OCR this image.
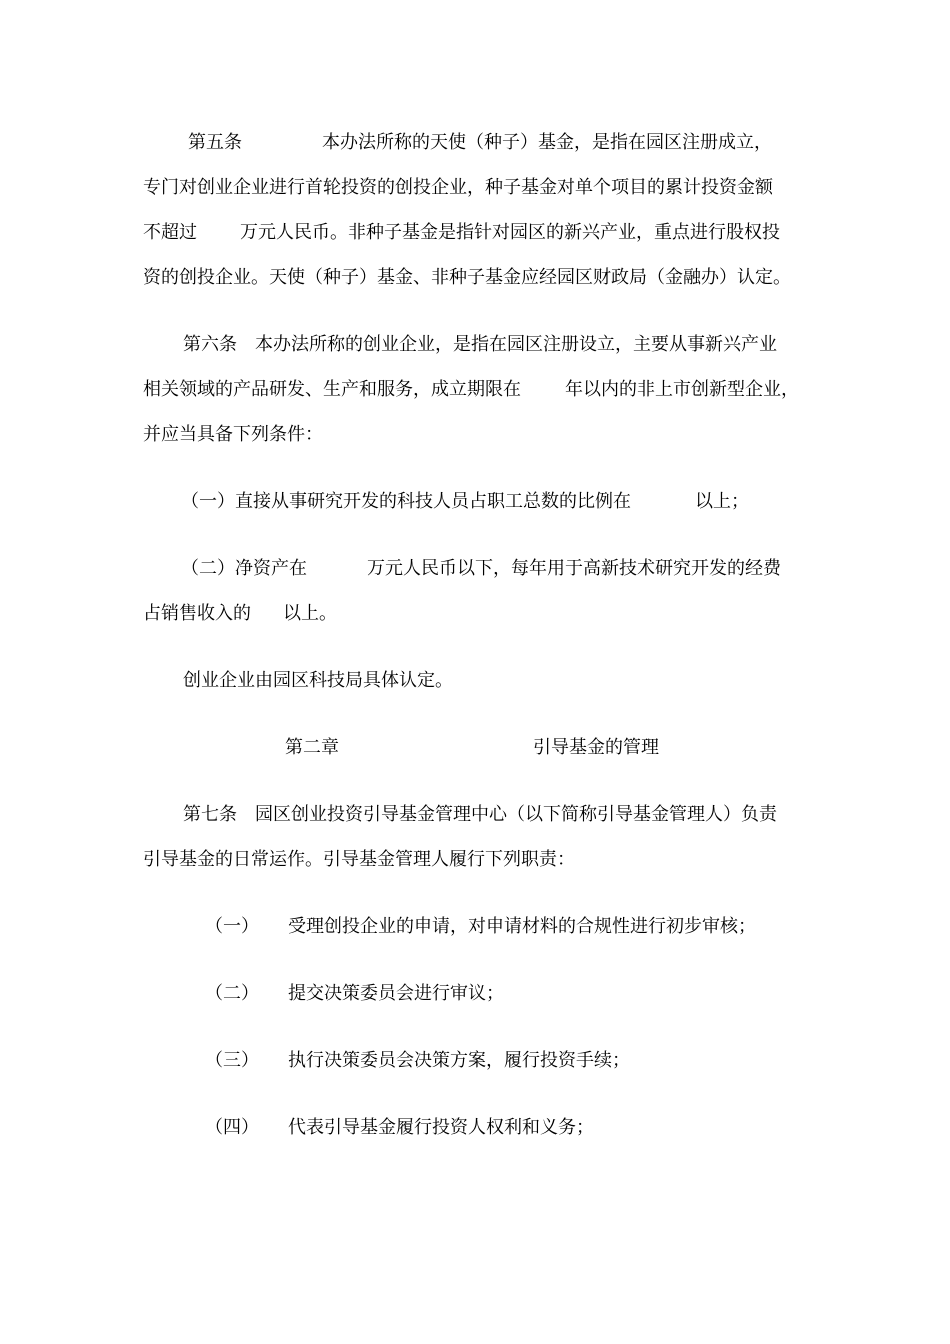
第五条	本办法所称的天使（种子）基金，是指在园区注册成立，
专门对创业企业进行首轮投资的创投企业，种子基金对单个项目的累计投资金额
不超过 万元人民币。非种子基金是指针对园区的新兴产业，重点进行股权投
资的创投企业。天使（种子）基金、非种子基金应经园区财政局（金融办）认定。
第六条　本办法所称的创业企业，是指在园区注册设立，主要从事新兴产业
相关领域的产品研发、生产和服务，成立期限在 年以内的非上市创新型企业，
并应当具备下列条件：
（一）直接从事研究开发的科技人员占职工总数的比例在	以上；
（二）净资产在	万元人民币以下，每年用于高新技术研究开发的经费
占销售收入的 以上。
创业企业由园区科技局具体认定。
第二章	引导基金的管理
第七条　园区创业投资引导基金管理中心（以下简称引导基金管理人）负责
引导基金的日常运作。引导基金管理人履行下列职责：
（一） 受理创投企业的申请，对申请材料的合规性进行初步审核；
（二） 提交决策委员会进行审议；
（三） 执行决策委员会决策方案，履行投资手续；
（四） 代表引导基金履行投资人权利和义务；
